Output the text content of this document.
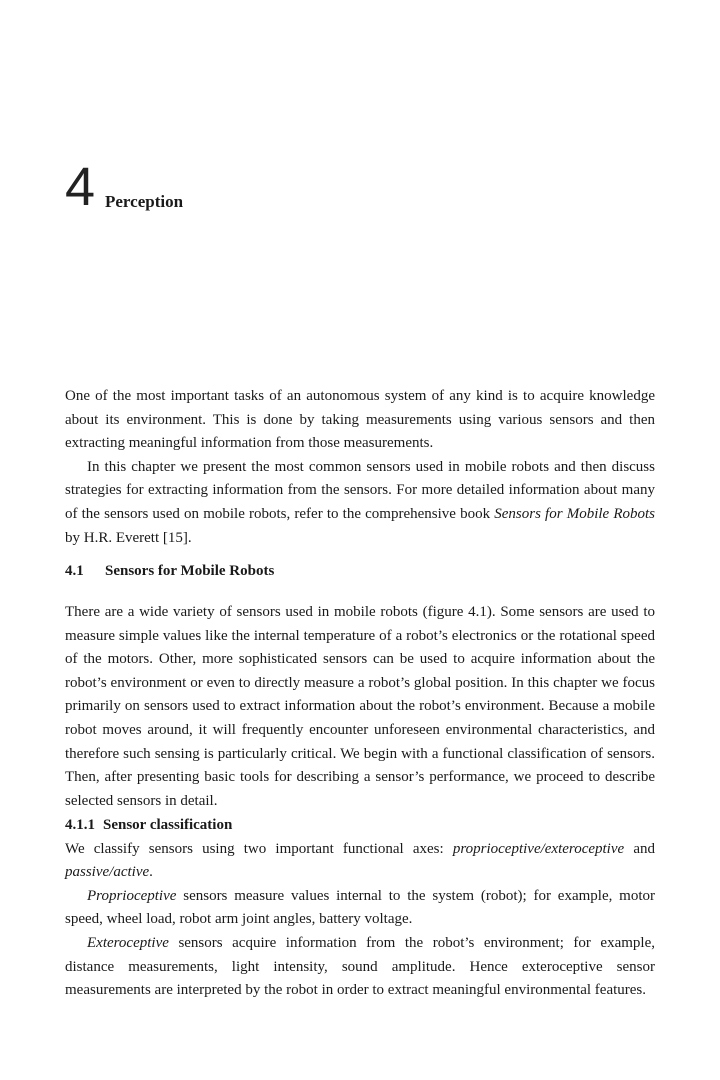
4 Perception

One of the most important tasks of an autonomous system of any kind is to acquire knowledge about its environment. This is done by taking measurements using various sensors and then extracting meaningful information from those measurements.

In this chapter we present the most common sensors used in mobile robots and then discuss strategies for extracting information from the sensors. For more detailed information about many of the sensors used on mobile robots, refer to the comprehensive book Sensors for Mobile Robots by H.R. Everett [15].

4.1 Sensors for Mobile Robots

There are a wide variety of sensors used in mobile robots (figure 4.1). Some sensors are used to measure simple values like the internal temperature of a robot’s electronics or the rotational speed of the motors. Other, more sophisticated sensors can be used to acquire information about the robot’s environment or even to directly measure a robot’s global position. In this chapter we focus primarily on sensors used to extract information about the robot’s environment. Because a mobile robot moves around, it will frequently encounter unforeseen environmental characteristics, and therefore such sensing is particularly critical. We begin with a functional classification of sensors. Then, after presenting basic tools for describing a sensor’s performance, we proceed to describe selected sensors in detail.

4.1.1 Sensor classification

We classify sensors using two important functional axes: proprioceptive/exteroceptive and passive/active.

Proprioceptive sensors measure values internal to the system (robot); for example, motor speed, wheel load, robot arm joint angles, battery voltage.

Exteroceptive sensors acquire information from the robot’s environment; for example, distance measurements, light intensity, sound amplitude. Hence exteroceptive sensor measurements are interpreted by the robot in order to extract meaningful environmental features.
